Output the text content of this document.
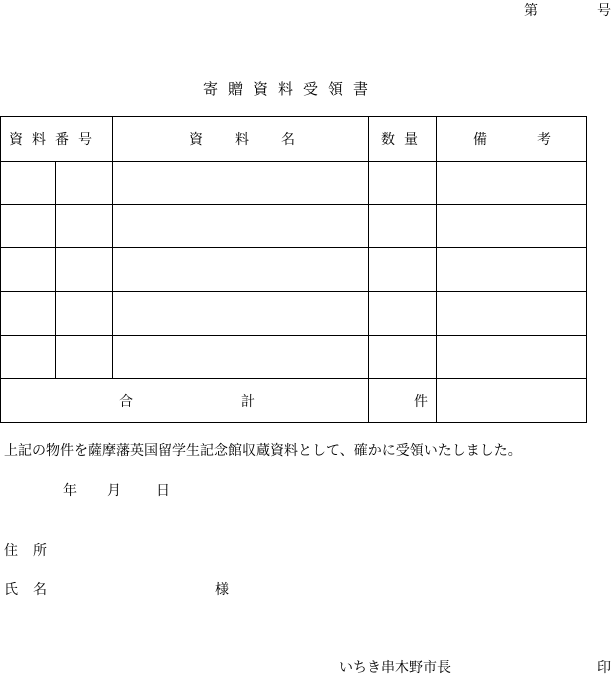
第	号
寄贈資料受領書
資料番号		資 料 名	数量	備 考

合 計			件	
上記の物件を薩摩藩英国留学生記念館収蔵資料として、確かに受領いたしました。
年 月	日
住 所
氏 名	様
いちき串木野市長	印
